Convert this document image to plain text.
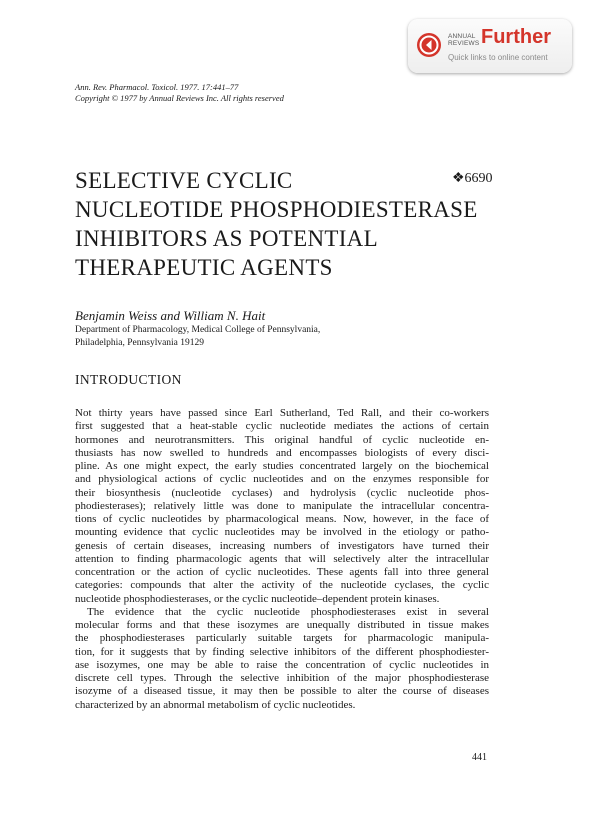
ANNUAL
REVIEWS Further
Quick links to online content
Ann. Rev. Pharmacol. Toxicol. 1977. 17:441–77
Copyright © 1977 by Annual Reviews Inc. All rights reserved
SELECTIVE CYCLIC
NUCLEOTIDE PHOSPHODIESTERASE
INHIBITORS AS POTENTIAL
THERAPEUTIC AGENTS
❖6690
Benjamin Weiss and William N. Hait
Department of Pharmacology, Medical College of Pennsylvania,
Philadelphia, Pennsylvania 19129
INTRODUCTION
Not thirty years have passed since Earl Sutherland, Ted Rall, and their co-workers
first suggested that a heat-stable cyclic nucleotide mediates the actions of certain
hormones and neurotransmitters. This original handful of cyclic nucleotide en-
thusiasts has now swelled to hundreds and encompasses biologists of every disci-
pline. As one might expect, the early studies concentrated largely on the biochemical
and physiological actions of cyclic nucleotides and on the enzymes responsible for
their biosynthesis (nucleotide cyclases) and hydrolysis (cyclic nucleotide phos-
phodiesterases); relatively little was done to manipulate the intracellular concentra-
tions of cyclic nucleotides by pharmacological means. Now, however, in the face of
mounting evidence that cyclic nucleotides may be involved in the etiology or patho-
genesis of certain diseases, increasing numbers of investigators have turned their
attention to finding pharmacologic agents that will selectively alter the intracellular
concentration or the action of cyclic nucleotides. These agents fall into three general
categories: compounds that alter the activity of the nucleotide cyclases, the cyclic
nucleotide phosphodiesterases, or the cyclic nucleotide–dependent protein kinases.
The evidence that the cyclic nucleotide phosphodiesterases exist in several
molecular forms and that these isozymes are unequally distributed in tissue makes
the phosphodiesterases particularly suitable targets for pharmacologic manipula-
tion, for it suggests that by finding selective inhibitors of the different phosphodiester-
ase isozymes, one may be able to raise the concentration of cyclic nucleotides in
discrete cell types. Through the selective inhibition of the major phosphodiesterase
isozyme of a diseased tissue, it may then be possible to alter the course of diseases
characterized by an abnormal metabolism of cyclic nucleotides.
441
